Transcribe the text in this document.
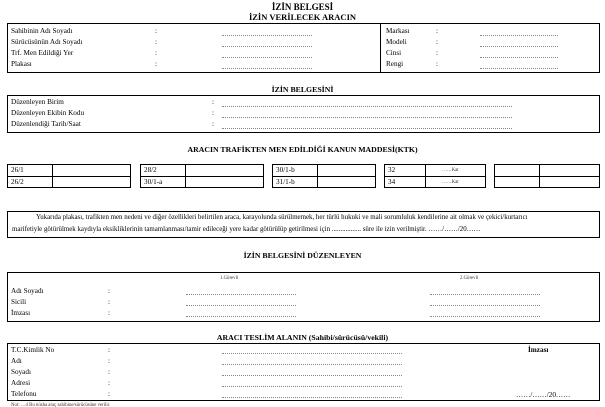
İZİN BELGESİ
İZİN VERİLECEK ARACIN
Sahibinin Adı Soyadı
Sürücüsünün Adı Soyadı
Trf. Men Edildiği Yer
Plakası
:
:
:
:
Markası
Modeli
Cinsi
Rengi
:
:
:
:
İZİN BELGESİNİ
Düzenleyen Birim
Düzenleyen Ekibin Kodu
Düzenlendiği Tarih/Saat
:
:
:
ARACIN TRAFİKTEN MEN EDİLDİĞİ KANUN MADDESİ(KTK)
26/1
26/2
28/2
30/1-a
30/1-b
31/1-b
32
34
……Kat
……Kat
Yukarıda plakası, trafikten men nedeni ve diğer özellikleri belirtilen araca, karayolunda sürülmemek, her türlü hukuki ve mali sorumluluk kendilerine ait olmak ve çekici/kurtarıcı
marifetiyle götürülmek kaydıyla eksikliklerinin tamamlanması/tamir edileceği yere kadar götürülüp getirilmesi için ................. süre ile izin verilmiştir. ……/……/20……
İZİN BELGESİNİ DÜZENLEYEN
1.Görevli	2.Görevli
Adı Soyadı
Sicili
İmzası
:
:
:
ARACI TESLİM ALANIN (Sahibi/sürücüsü/vekili)
T.C.Kimlik No
Adı
Soyadı
Adresi
Telefonu
:
:
:
:
:
İmzası
……/……/20……
Not: …4 Bu nüsha araç sahibine/sürücüsüne verilir.
